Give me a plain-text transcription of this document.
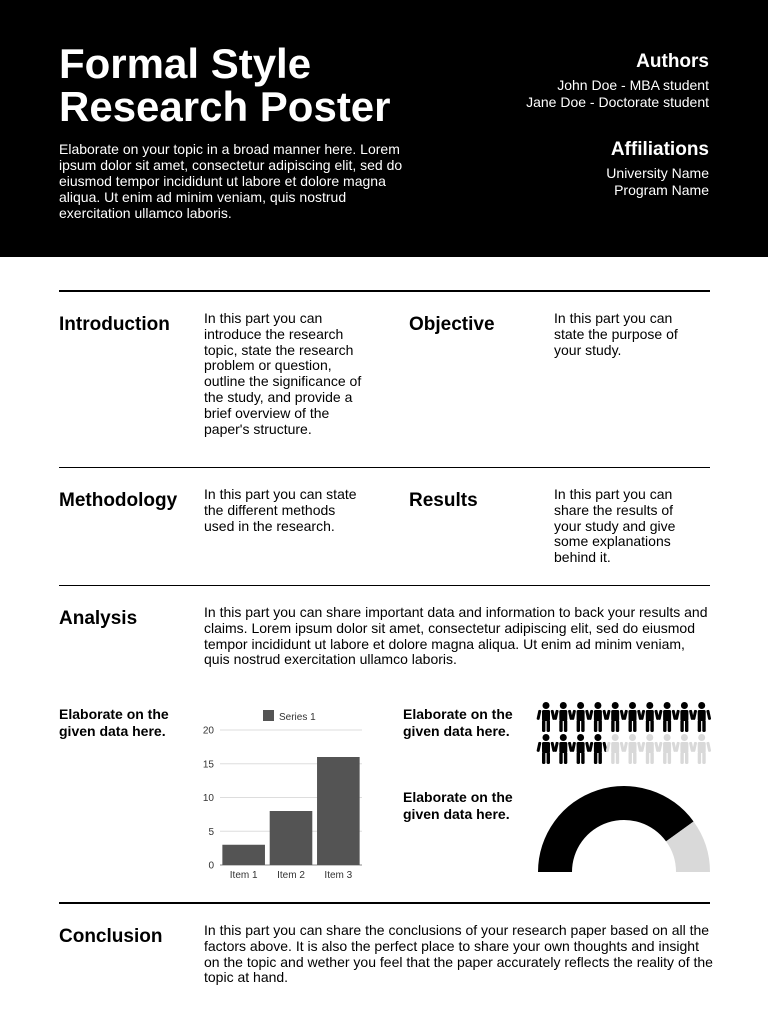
Formal Style
Research Poster

Elaborate on your topic in a broad manner here. Lorem ipsum dolor sit amet, consectetur adipiscing elit, sed do eiusmod tempor incididunt ut labore et dolore magna aliqua. Ut enim ad minim veniam, quis nostrud exercitation ullamco laboris.

Authors
John Doe - MBA student
Jane Doe - Doctorate student
Affiliations
University Name
Program Name
Introduction In this part you can introduce the research topic, state the research problem or question, outline the significance of the study, and provide a brief overview of the paper's structure.

Objective	In this part you can state the purpose of your study.

Methodology In this part you can state the different methods used in the research.

Results	In this part you can share the results of your study and give some explanations behind it.

Analysis	In this part you can share important data and information to back your results and claims. Lorem ipsum dolor sit amet, consectetur adipiscing elit, sed do eiusmod tempor incididunt ut labore et dolore magna aliqua. Ut enim ad minim veniam, quis nostrud exercitation ullamco laboris.

Elaborate on the given data here.

Elaborate on the given data here.

Elaborate on the given data here.

Series 1
0
5
10
15
20
Item 1 Item 2 Item 3
Conclusion	In this part you can share the conclusions of your research paper based on all the factors above. It is also the perfect place to share your own thoughts and insight on the topic and wether you feel that the paper accurately reflects the reality of the topic at hand.
